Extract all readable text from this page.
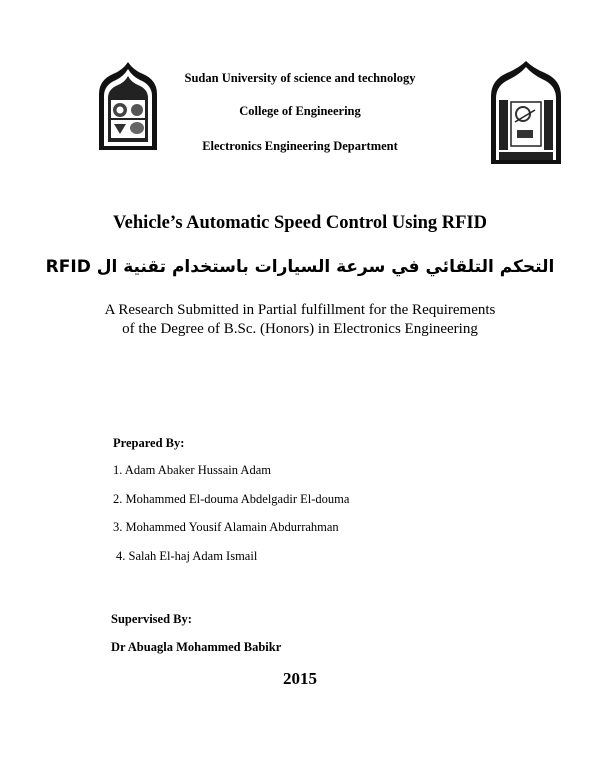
Sudan University of science and technology
College of Engineering
Electronics Engineering Department
Vehicle’s Automatic Speed Control Using RFID
التحكم التلقائي في سرعة السيارات باستخدام تقنية ال RFID
A Research Submitted in Partial fulfillment for the Requirements
of the Degree of B.Sc. (Honors) in Electronics Engineering
Prepared By:
1. Adam Abaker Hussain Adam
2. Mohammed El-douma Abdelgadir El-douma
3. Mohammed Yousif Alamain Abdurrahman
4. Salah El-haj Adam Ismail
Supervised By:
Dr Abuagla Mohammed Babikr
2015
